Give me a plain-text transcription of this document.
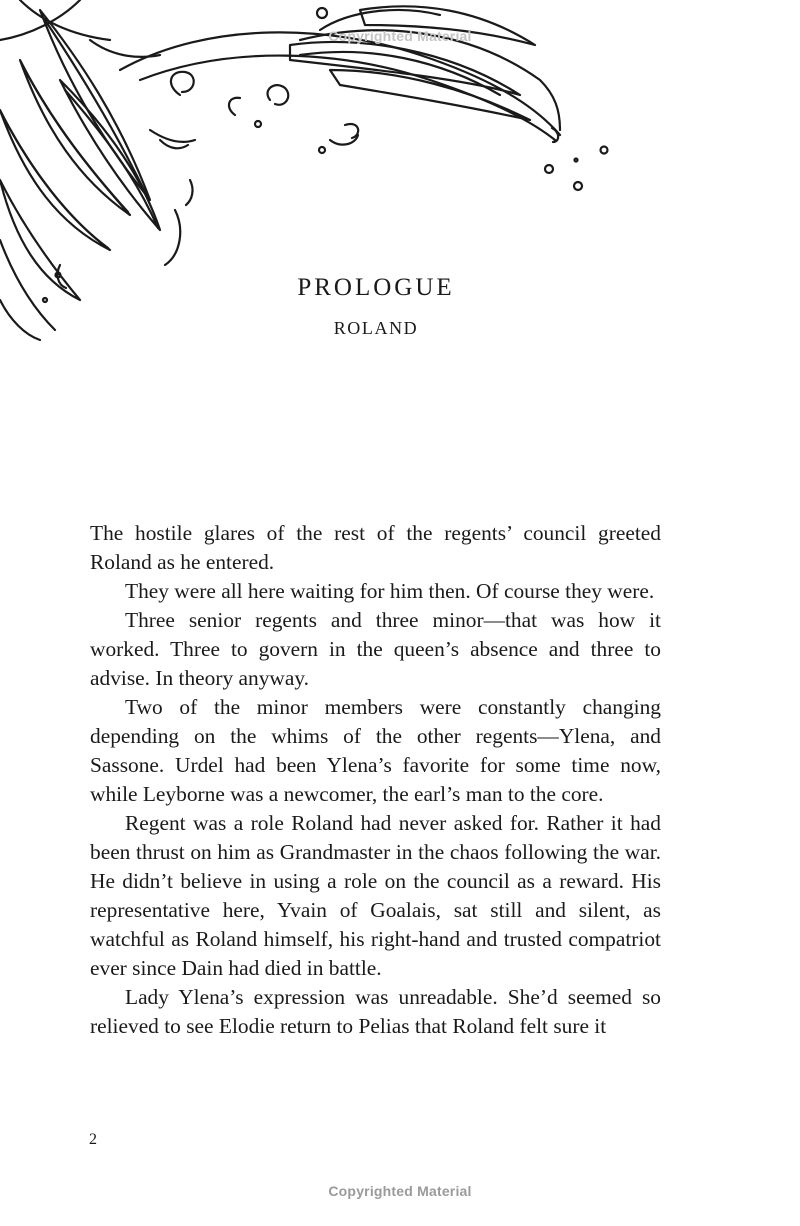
Copyrighted Material
PROLOGUE
ROLAND

The hostile glares of the rest of the regents’ council greeted Roland as he entered.

They were all here waiting for him then. Of course they were.

Three senior regents and three minor—that was how it worked. Three to govern in the queen’s absence and three to advise. In theory anyway.

Two of the minor members were constantly changing depending on the whims of the other regents—Ylena, and Sassone. Urdel had been Ylena’s favorite for some time now, while Leyborne was a newcomer, the earl’s man to the core.

Regent was a role Roland had never asked for. Rather it had been thrust on him as Grandmaster in the chaos following the war. He didn’t believe in using a role on the council as a reward. His representative here, Yvain of Goalais, sat still and silent, as watchful as Roland himself, his right-hand and trusted compatriot ever since Dain had died in battle.

Lady Ylena’s expression was unreadable. She’d seemed so relieved to see Elodie return to Pelias that Roland felt sure it

2
Copyrighted Material
